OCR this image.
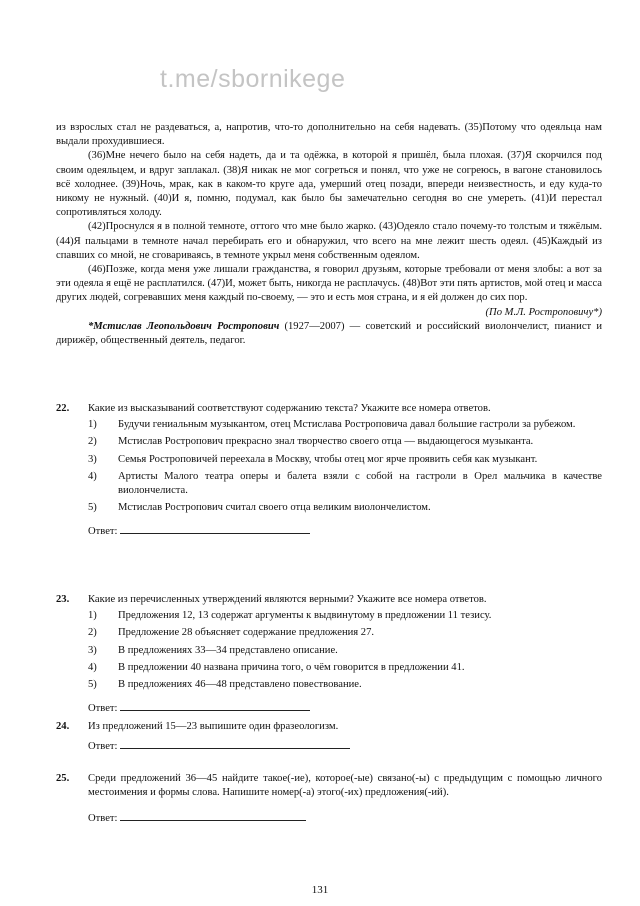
t.me/sbornikege

из взрослых стал не раздеваться, а, напротив, что-то дополнительно на себя надевать. (35)Потому что одеяльца нам выдали прохудившиеся.

(36)Мне нечего было на себя надеть, да и та одёжка, в которой я пришёл, была плохая. (37)Я скорчился под своим одеяльцем, и вдруг заплакал. (38)Я никак не мог согреться и понял, что уже не согреюсь, в вагоне становилось всё холоднее. (39)Ночь, мрак, как в каком-то круге ада, умерший отец позади, впереди неизвестность, и еду куда-то никому не нужный. (40)И я, помню, подумал, как было бы замечательно сегодня во сне умереть. (41)И перестал сопротивляться холоду.

(42)Проснулся я в полной темноте, оттого что мне было жарко. (43)Одеяло стало почему-то толстым и тяжёлым. (44)Я пальцами в темноте начал перебирать его и обнаружил, что всего на мне лежит шесть одеял. (45)Каждый из спавших со мной, не сговариваясь, в темноте укрыл меня собственным одеялом.

(46)Позже, когда меня уже лишали гражданства, я говорил друзьям, которые требовали от меня злобы: а вот за эти одеяла я ещё не расплатился. (47)И, может быть, никогда не расплачусь. (48)Вот эти пять артистов, мой отец и масса других людей, согревавших меня каждый по-своему, — это и есть моя страна, и я ей должен до сих пор.

(По М.Л. Ростроповичу*)

*Мстислав Леопольдович Ростропович (1927—2007) — советский и российский виолончелист, пианист и дирижёр, общественный деятель, педагог.

22. Какие из высказываний соответствуют содержанию текста? Укажите все номера ответов.
1) Будучи гениальным музыкантом, отец Мстислава Ростроповича давал большие гастроли за рубежом.
2) Мстислав Ростропович прекрасно знал творчество своего отца — выдающегося музыканта.
3) Семья Ростроповичей переехала в Москву, чтобы отец мог ярче проявить себя как музыкант.
4) Артисты Малого театра оперы и балета взяли с собой на гастроли в Орел мальчика в качестве виолончелиста.
5) Мстислав Ростропович считал своего отца великим виолончелистом.
Ответ:
23. Какие из перечисленных утверждений являются верными? Укажите все номера ответов.
1) Предложения 12, 13 содержат аргументы к выдвинутому в предложении 11 тезису.
2) Предложение 28 объясняет содержание предложения 27.
3) В предложениях 33—34 представлено описание.
4) В предложении 40 названа причина того, о чём говорится в предложении 41.
5) В предложениях 46—48 представлено повествование.
Ответ:
24. Из предложений 15—23 выпишите один фразеологизм.
Ответ:
25. Среди предложений 36—45 найдите такое(-ие), которое(-ые) связано(-ы) с предыдущим с помощью личного местоимения и формы слова. Напишите номер(-а) этого(-их) предложения(-ий).
Ответ:
131
